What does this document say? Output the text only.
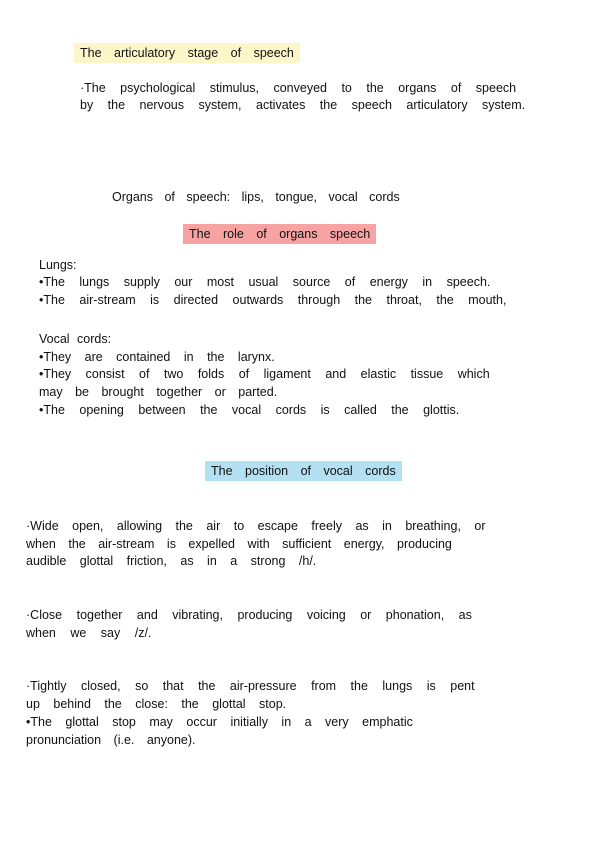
The articulatory stage of speech
·The psychological stimulus, conveyed to the organs of speech
by the nervous system, activates the speech articulatory system.
Organs of speech: lips, tongue, vocal cords
The role of organs speech
Lungs:
•The lungs supply our most usual source of energy in speech.
•The air-stream is directed outwards through the throat, the mouth,
Vocal cords:
•They are contained in the larynx.
•They consist of two folds of ligament and elastic tissue which
may be brought together or parted.
•The opening between the vocal cords is called the glottis.
The position of vocal cords
·Wide open, allowing the air to escape freely as in breathing, or
when the air-stream is expelled with sufficient energy, producing
audible glottal friction, as in a strong /h/.
·Close together and vibrating, producing voicing or phonation, as
when we say /z/.
·Tightly closed, so that the air-pressure from the lungs is pent
up behind the close: the glottal stop.
•The glottal stop may occur initially in a very emphatic
pronunciation (i.e. anyone).
